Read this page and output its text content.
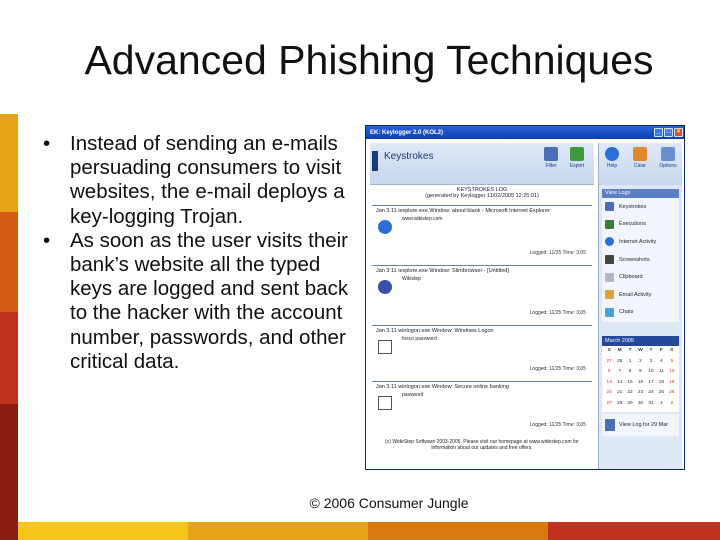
Advanced Phishing Techniques
• Instead of sending an e-mails persuading consumers to visit websites, the e-mail deploys a key-logging Trojan.
• As soon as the user visits their bank’s website all the typed keys are logged and sent back to the hacker with the account number, passwords, and other critical data.
EK: Keylogger 2.0 (KOL2)	_	□	×
Keystrokes
Filter	Export
KEYSTROKES LOG
(generated by Keylogger 11/02/2005 12:25:01)
Jan 3:11 iexplore.exe Window: about:blank - Microsoft Internet Explorer
www.wikistep.com
Logged: 11/25 Time: 3:05
Jan 3:11 iexplore.exe Window: Slimbrowser - [Untitled]
Wikistep
Logged: 11/25 Time: 3:05
Jan 3:11 winlogon.exe Window: Windows Logon
fosco password
Logged: 11/25 Time: 3:05
Jan 3:11 winlogon.exe Window: Secure online banking
password
Logged: 11/25 Time: 3:05
(c) WideStep Software 2003-2005. Please visit our homepage at www.widestep.com for information about our updates and free offers.
Help	Clear	Options
View Logs
Keystrokes
Executions
Internet Activity
Screenshots
Clipboard
Email Activity
Chats
March 2005
S	M	T	W	T	F	S
27	28	1	2	3	4	5
6	7	8	9	10	11	12
13	14	15	16	17	18	19
20	21	22	23	24	25	26
27	28	29	30	31	1	2
View Log for 29 Mar
© 2006 Consumer Jungle
